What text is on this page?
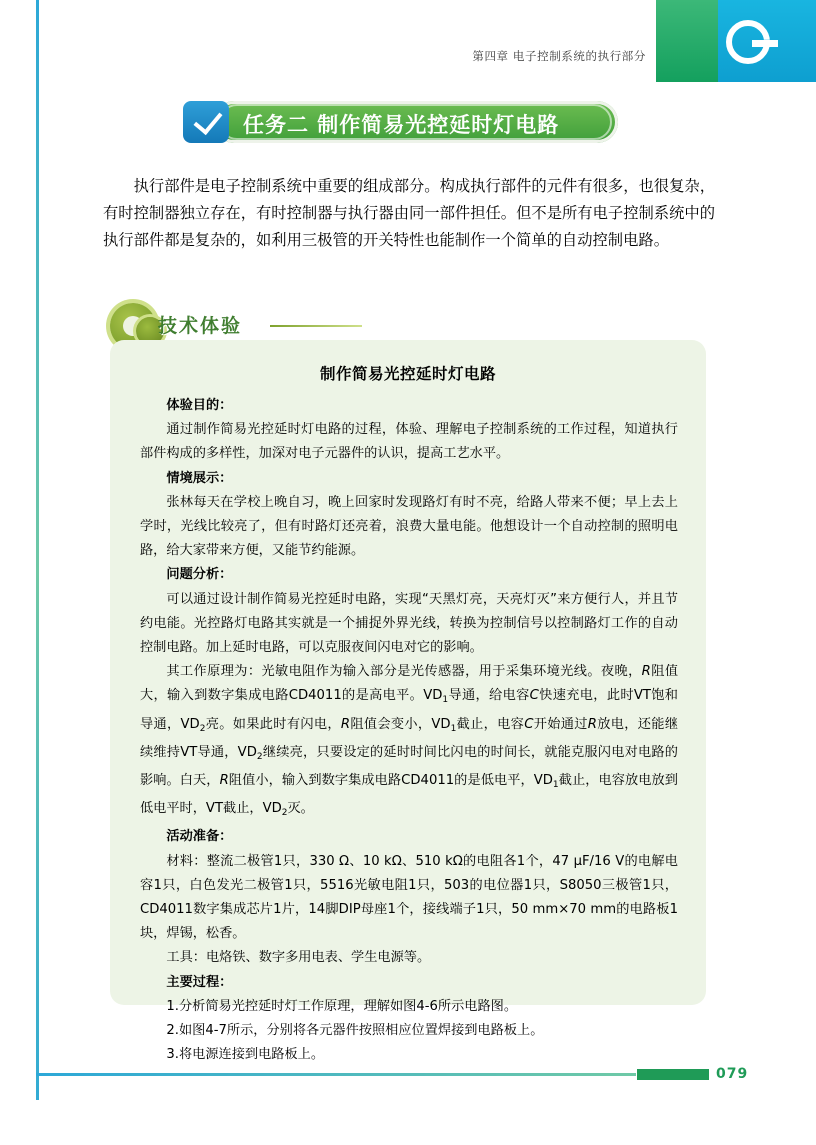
第四章 电子控制系统的执行部分
任务二 制作简易光控延时灯电路
执行部件是电子控制系统中重要的组成部分。构成执行部件的元件有很多，也很复杂，有时控制器独立存在，有时控制器与执行器由同一部件担任。但不是所有电子控制系统中的执行部件都是复杂的，如利用三极管的开关特性也能制作一个简单的自动控制电路。
技术体验
制作简易光控延时灯电路

体验目的：

通过制作简易光控延时灯电路的过程，体验、理解电子控制系统的工作过程，知道执行部件构成的多样性，加深对电子元器件的认识，提高工艺水平。

情境展示：

张林每天在学校上晚自习，晚上回家时发现路灯有时不亮，给路人带来不便；早上去上学时，光线比较亮了，但有时路灯还亮着，浪费大量电能。他想设计一个自动控制的照明电路，给大家带来方便，又能节约能源。

问题分析：

可以通过设计制作简易光控延时电路，实现“天黑灯亮，天亮灯灭”来方便行人，并且节约电能。光控路灯电路其实就是一个捕捉外界光线，转换为控制信号以控制路灯工作的自动控制电路。加上延时电路，可以克服夜间闪电对它的影响。

其工作原理为：光敏电阻作为输入部分是光传感器，用于采集环境光线。夜晚，R阻值大，输入到数字集成电路CD4011的是高电平。$VD_1$导通，给电容C快速充电，此时VT饱和导通，$VD_2$亮。如果此时有闪电，R阻值会变小，$VD_1$截止，电容C开始通过R放电，还能继续维持VT导通，$VD_2$继续亮，只要设定的延时时间比闪电的时间长，就能克服闪电对电路的影响。白天，R阻值小，输入到数字集成电路CD4011的是低电平，$VD_1$截止，电容放电放到低电平时，VT截止，$VD_2$灭。

活动准备：

材料：整流二极管1只，330 Ω、10 kΩ、510 kΩ的电阻各1个，47 μF/16 V的电解电容1只，白色发光二极管1只，5516光敏电阻1只，503的电位器1只，S8050三极管1只，CD4011数字集成芯片1片，14脚DIP母座1个，接线端子1只，50 mm×70 mm的电路板1块，焊锡，松香。

工具：电烙铁、数字多用电表、学生电源等。

主要过程：

1.分析简易光控延时灯工作原理，理解如图4-6所示电路图。

2.如图4-7所示，分别将各元器件按照相应位置焊接到电路板上。

3.将电源连接到电路板上。

079
